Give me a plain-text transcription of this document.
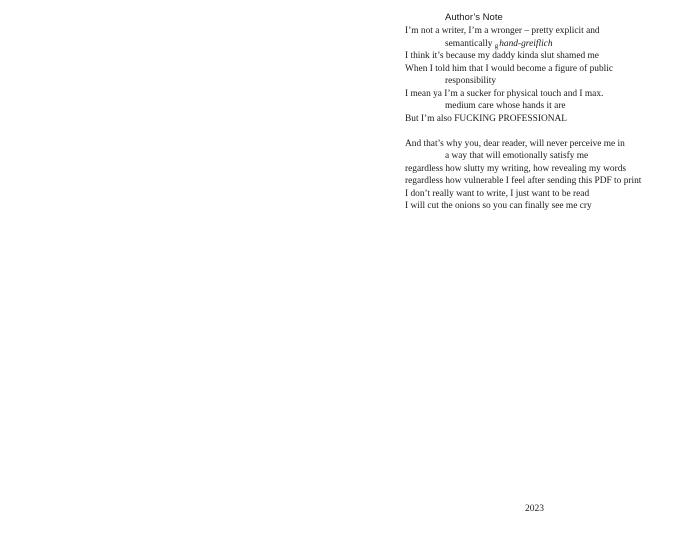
Author’s Note
I’m not a writer, I’m a wronger – pretty explicit and
semantically $_g$hand-greiflich
I think it’s because my daddy kinda slut shamed me
When I told him that I would become a figure of public
responsibility
I mean ya I’m a sucker for physical touch and I max.
medium care whose hands it are
But I’m also FUCKING PROFESSIONAL
And that’s why you, dear reader, will never perceive me in
a way that will emotionally satisfy me
regardless how slutty my writing, how revealing my words
regardless how vulnerable I feel after sending this PDF to print
I don’t really want to write, I just want to be read
I will cut the onions so you can finally see me cry
2023
